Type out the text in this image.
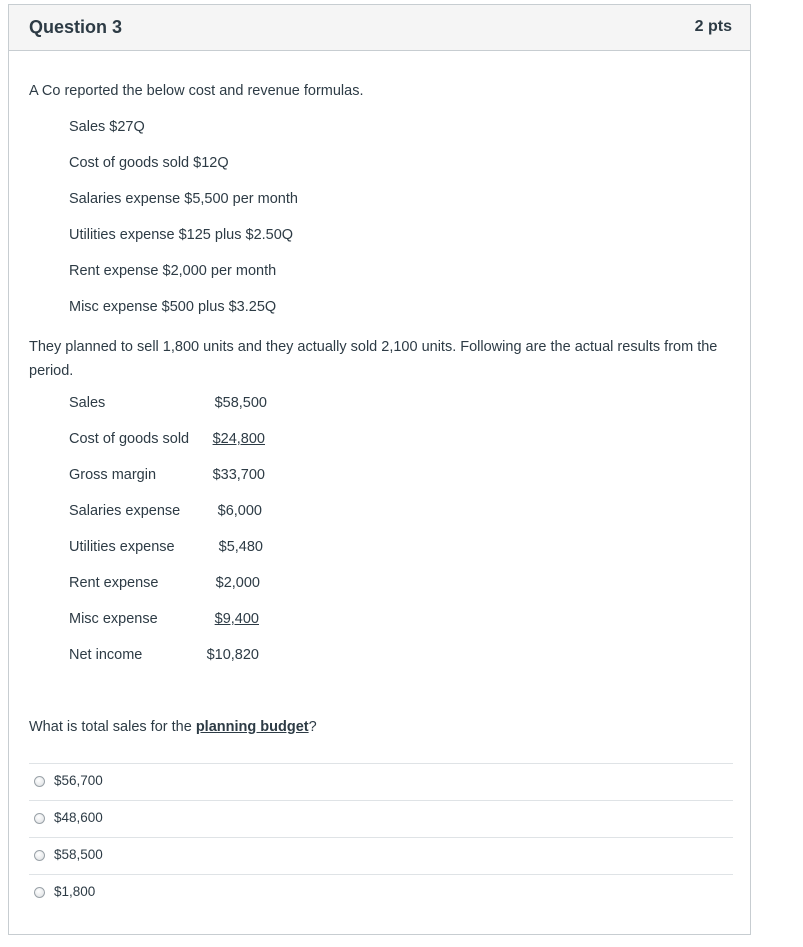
Question 3	2 pts
A Co reported the below cost and revenue formulas.
Sales $27Q
Cost of goods sold $12Q
Salaries expense $5,500 per month
Utilities expense $125 plus $2.50Q
Rent expense $2,000 per month
Misc expense $500 plus $3.25Q
They planned to sell 1,800 units and they actually sold 2,100 units. Following are the actual results from the period.
Sales	$58,500
Cost of goods sold	$24,800
Gross margin	$33,700
Salaries expense	$6,000
Utilities expense	$5,480
Rent expense	$2,000
Misc expense	$9,400
Net income	$10,820
What is total sales for the planning budget?
$56,700
$48,600
$58,500
$1,800
